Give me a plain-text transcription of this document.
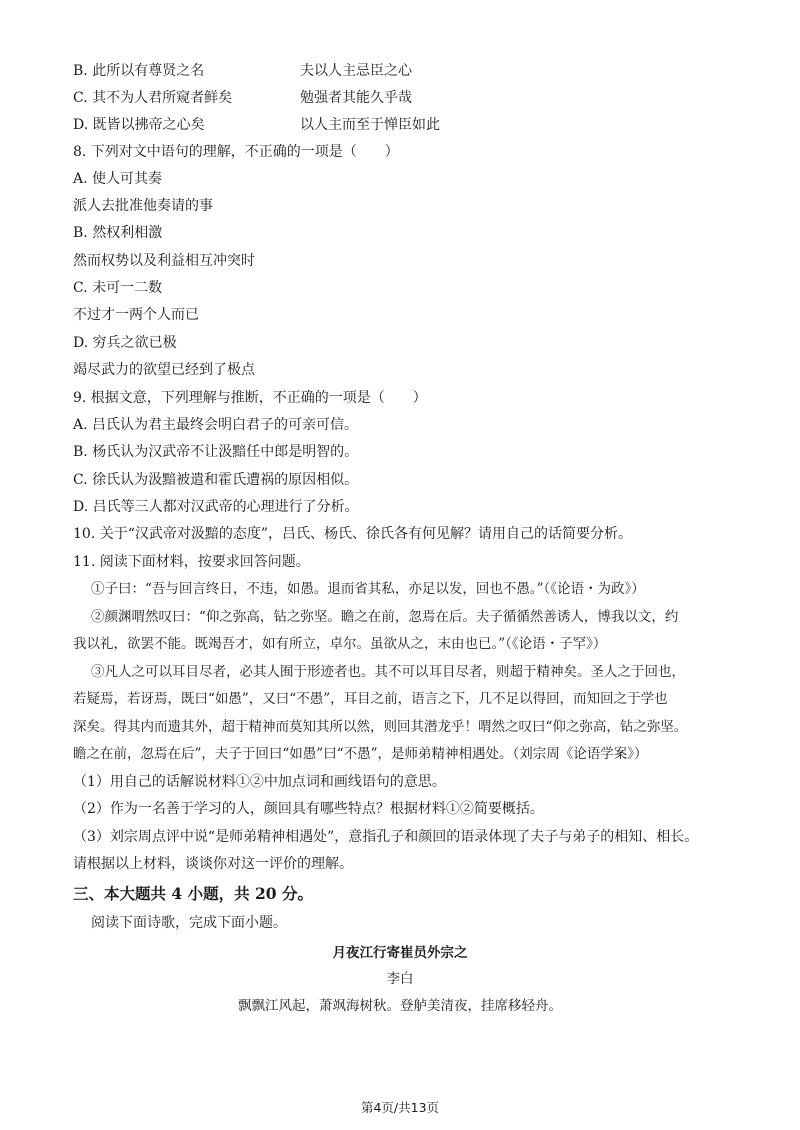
B. 此所以有尊贤之名	夫以人主忌臣之心
C. 其不为人君所窥者鲜矣	勉强者其能久乎哉
D. 既皆以拂帝之心矣	以人主而至于惮臣如此
8. 下列对文中语句的理解，不正确的一项是（　　）
A. 使人可其奏
派人去批准他奏请的事
B. 然权利相激
然而权势以及利益相互冲突时
C. 未可一二数
不过才一两个人而已
D. 穷兵之欲已极
竭尽武力的欲望已经到了极点
9. 根据文意，下列理解与推断，不正确的一项是（　　）
A. 吕氏认为君主最终会明白君子的可亲可信。
B. 杨氏认为汉武帝不让汲黯任中郎是明智的。
C. 徐氏认为汲黯被遣和霍氏遭祸的原因相似。
D. 吕氏等三人都对汉武帝的心理进行了分析。
10. 关于“汉武帝对汲黯的态度”，吕氏、杨氏、徐氏各有何见解？请用自己的话简要分析。
11. 阅读下面材料，按要求回答问题。
①子曰：“吾与回言终日，不违，如愚。退而省其私，亦足以发，回也不愚。”（《论语・为政》）
②颜渊喟然叹曰：“仰之弥高，钻之弥坚。瞻之在前，忽焉在后。夫子循循然善诱人，博我以文，约
我以礼，欲罢不能。既竭吾才，如有所立，卓尔。虽欲从之，末由也已。”（《论语・子罕》）
③凡人之可以耳目尽者，必其人囿于形迹者也。其不可以耳目尽者，则超于精神矣。圣人之于回也，
若疑焉，若讶焉，既曰“如愚”，又曰“不愚”，耳目之前，语言之下，几不足以得回，而知回之于学也
深矣。得其内而遗其外，超于精神而莫知其所以然，则回其潜龙乎！喟然之叹曰“仰之弥高，钻之弥坚。
瞻之在前，忽焉在后”，夫子于回曰“如愚”曰“不愚”，是师弟精神相遇处。（刘宗周《论语学案》）
（1）用自己的话解说材料①②中加点词和画线语句的意思。
（2）作为一名善于学习的人，颜回具有哪些特点？根据材料①②简要概括。
（3）刘宗周点评中说“是师弟精神相遇处”，意指孔子和颜回的语录体现了夫子与弟子的相知、相长。
请根据以上材料，谈谈你对这一评价的理解。
三、本大题共 4 小题，共 20 分。
阅读下面诗歌，完成下面小题。
月夜江行寄崔员外宗之
李白
飘飘江风起，萧飒海树秋。登舻美清夜，挂席移轻舟。
第4页/共13页
